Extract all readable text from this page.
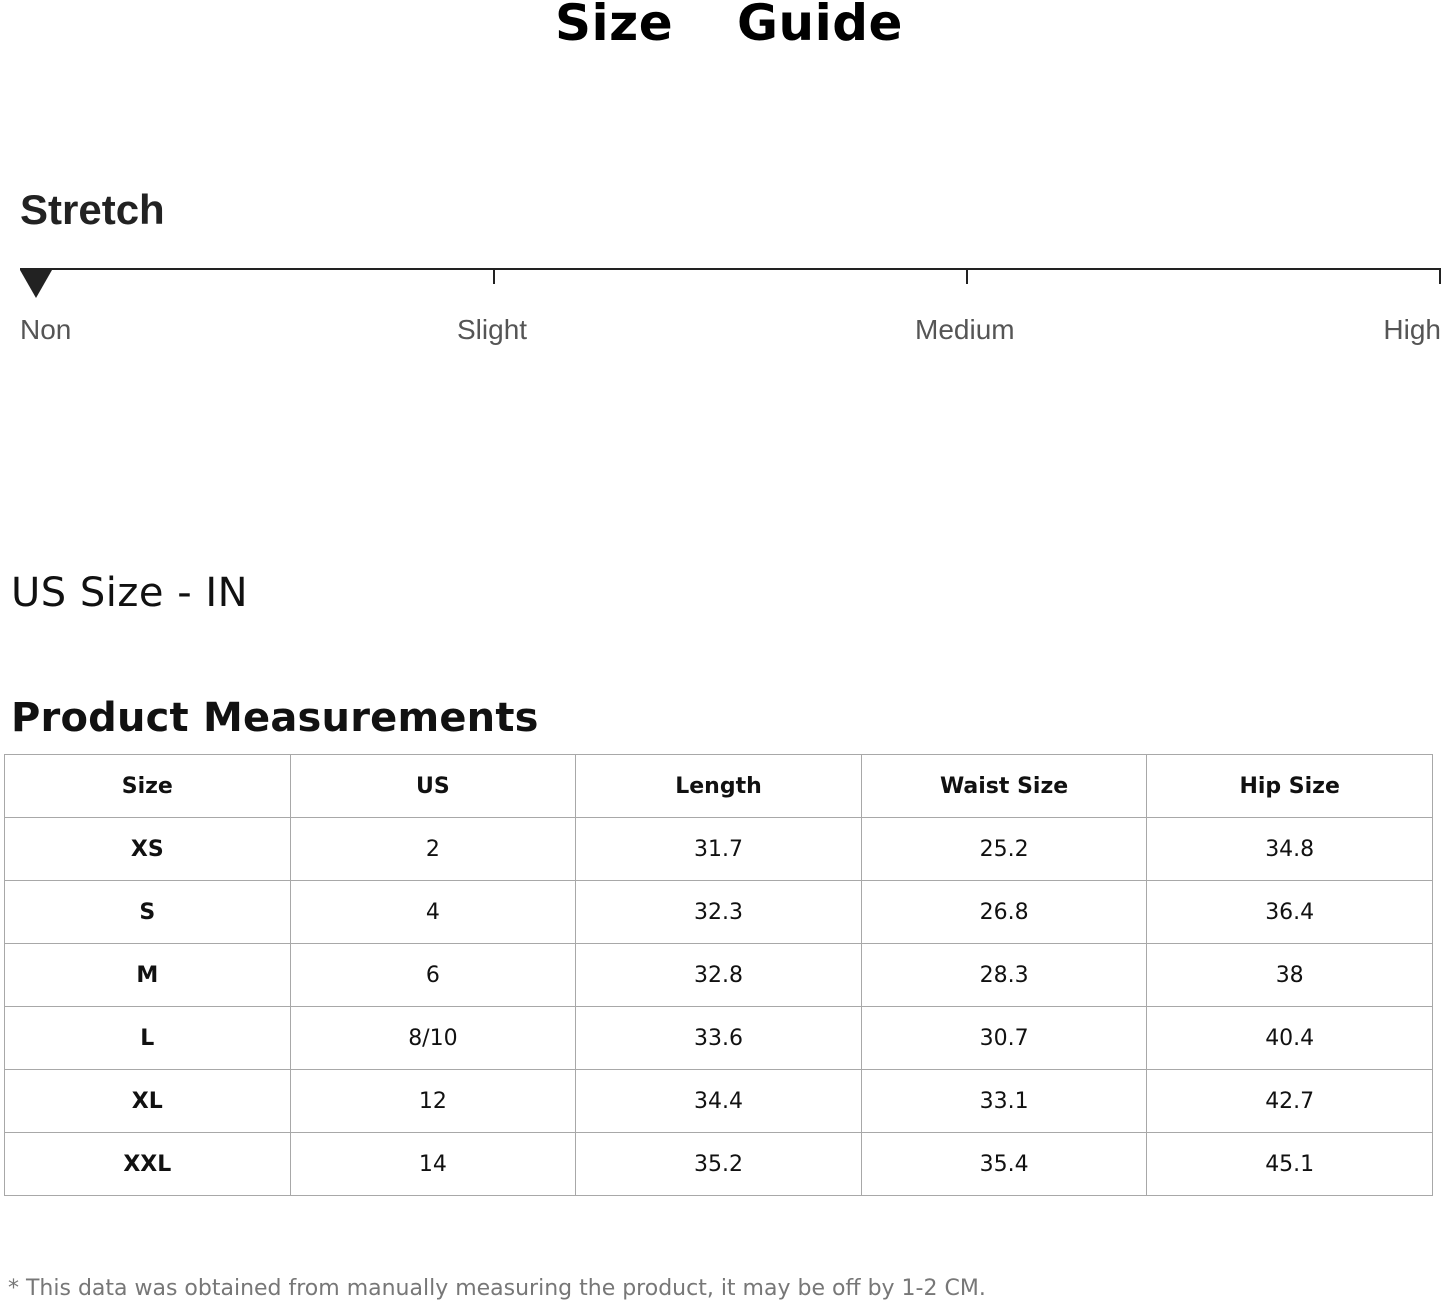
Size  Guide
Stretch
Non	Slight	Medium	High
US Size - IN
Product Measurements
Size	US	Length	Waist Size	Hip Size
XS	2	31.7	25.2	34.8
S	4	32.3	26.8	36.4
M	6	32.8	28.3	38
L	8/10	33.6	30.7	40.4
XL	12	34.4	33.1	42.7
XXL	14	35.2	35.4	45.1
* This data was obtained from manually measuring the product, it may be off by 1-2 CM.
